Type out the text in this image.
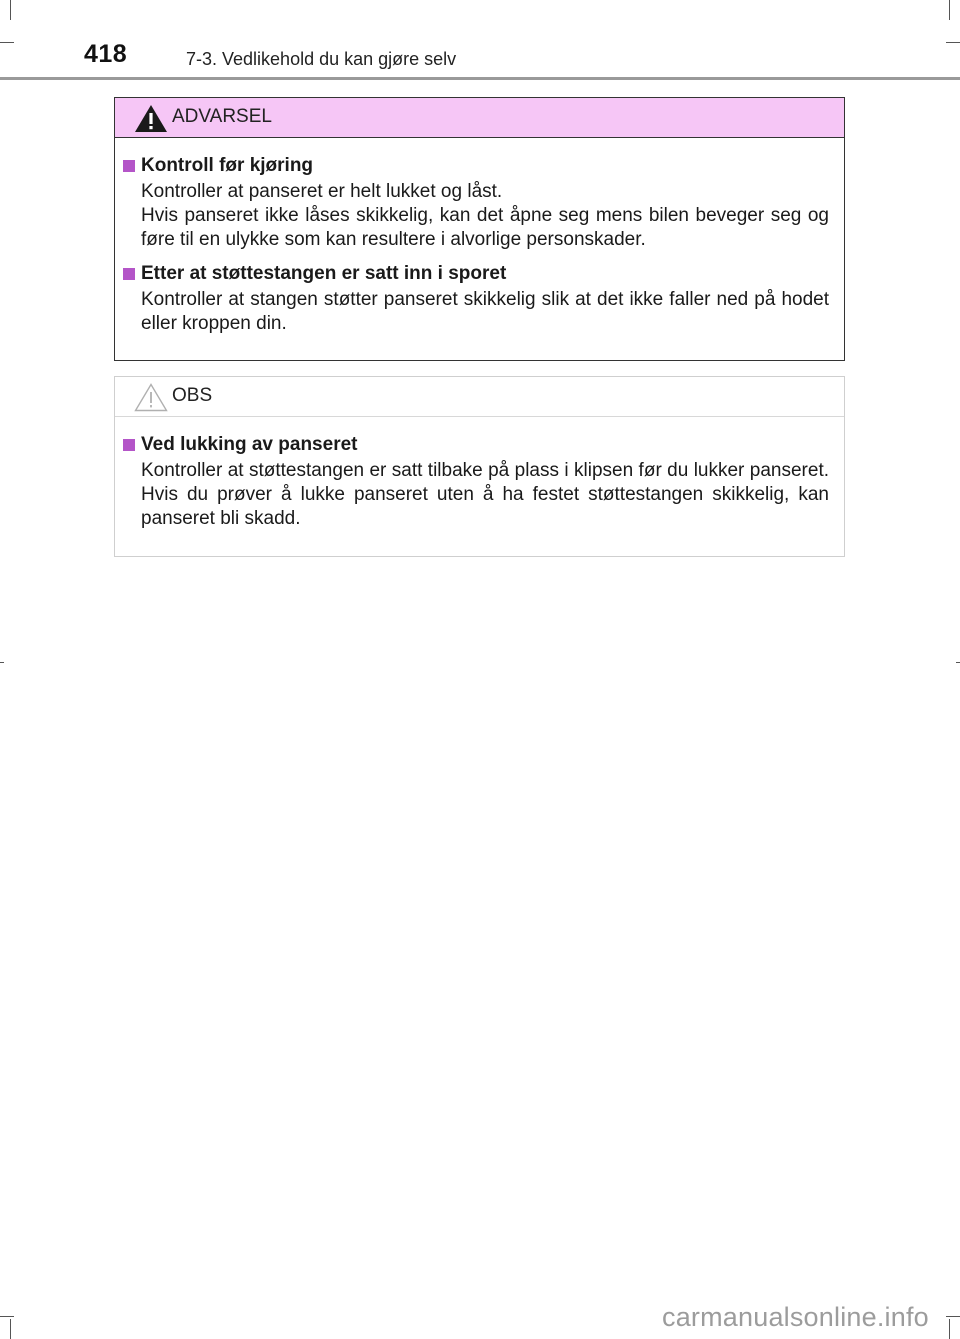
418	7-3. Vedlikehold du kan gjøre selv
ADVARSEL
Kontroll før kjøring

Kontroller at panseret er helt lukket og låst.

Hvis panseret ikke låses skikkelig, kan det åpne seg mens bilen beveger seg og føre til en ulykke som kan resultere i alvorlige personskader.

Etter at støttestangen er satt inn i sporet

Kontroller at stangen støtter panseret skikkelig slik at det ikke faller ned på hodet eller kroppen din.

OBS
Ved lukking av panseret

Kontroller at støttestangen er satt tilbake på plass i klipsen før du lukker panseret. Hvis du prøver å lukke panseret uten å ha festet støttestangen skikkelig, kan panseret bli skadd.

carmanualsonline.info
